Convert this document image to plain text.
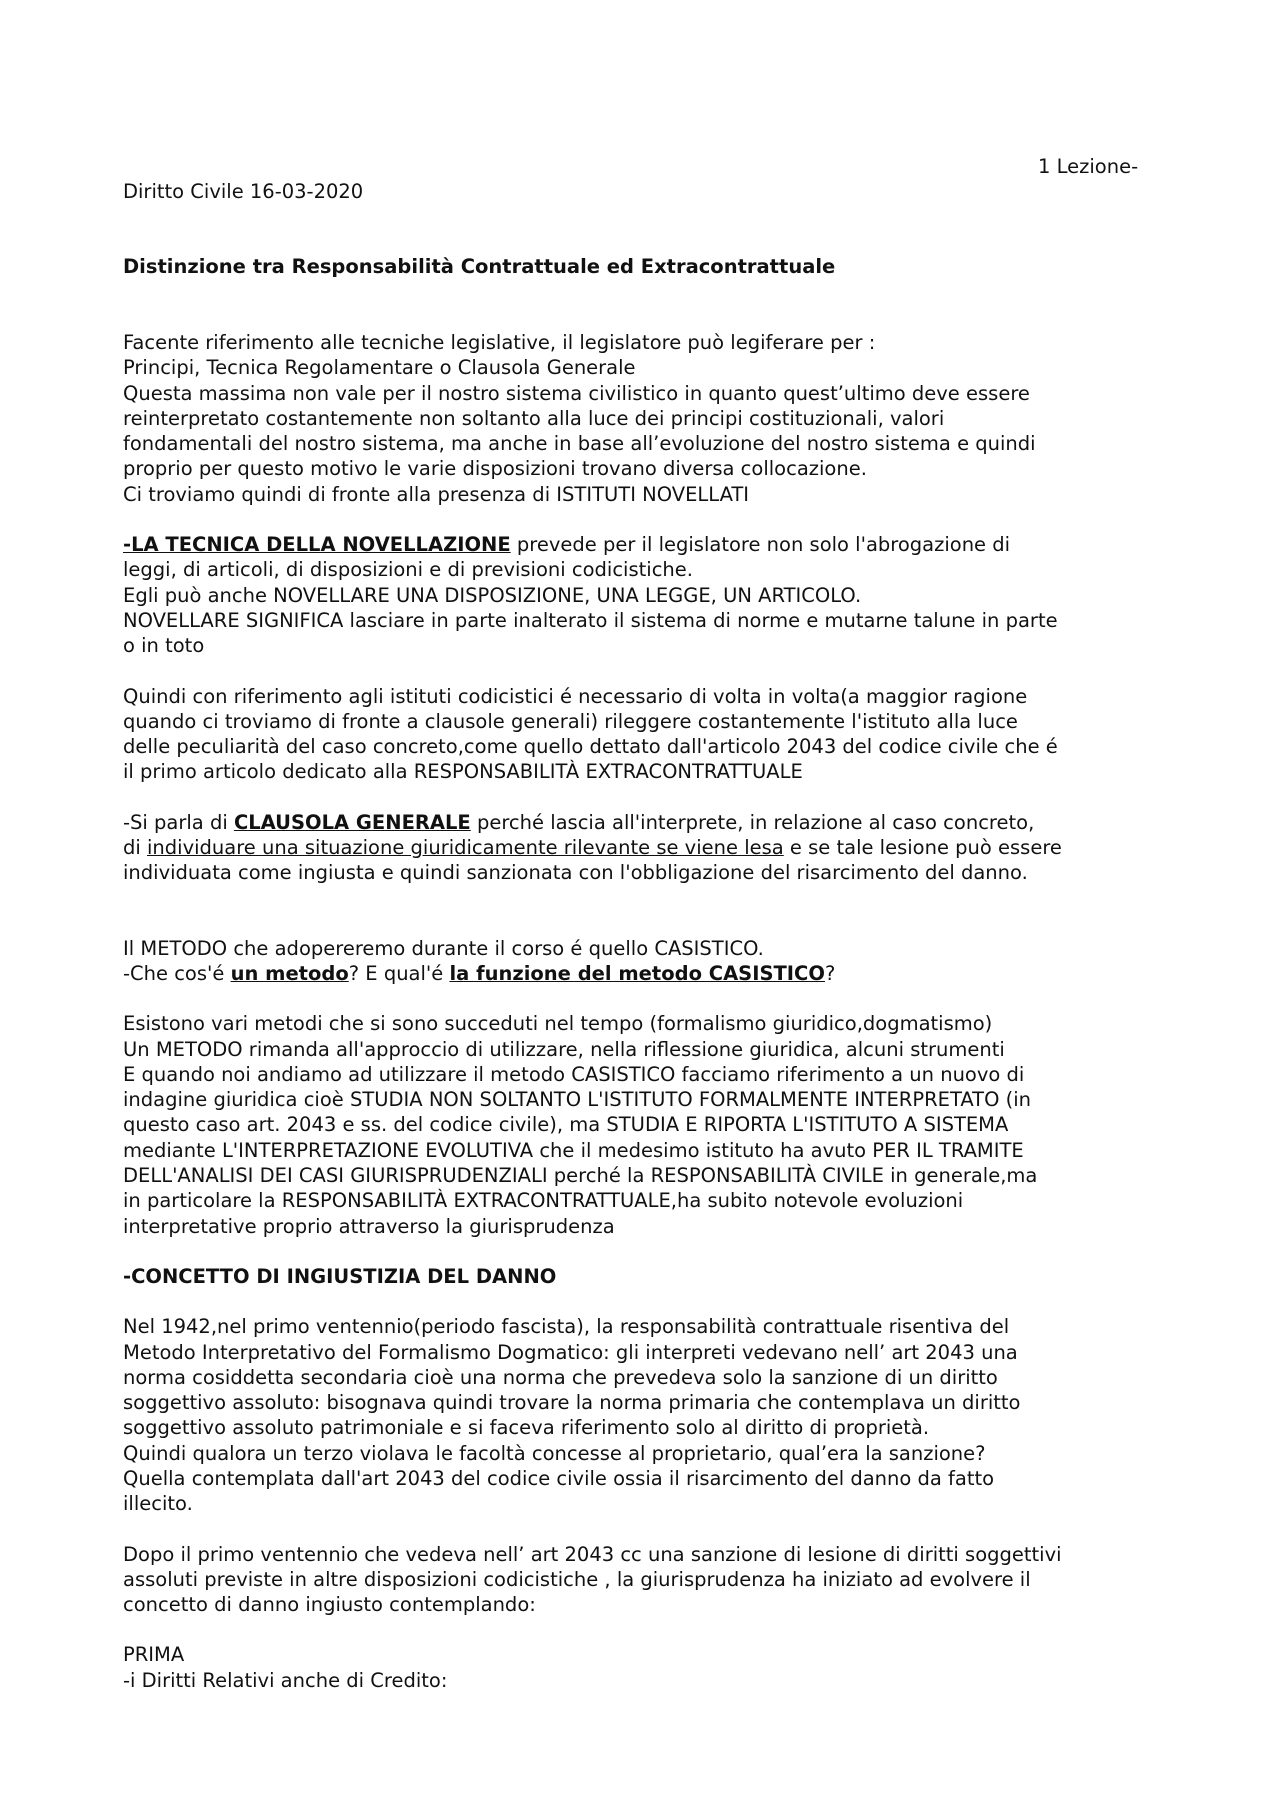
1 Lezione-
Diritto Civile 16-03-2020
Distinzione tra Responsabilità Contrattuale ed Extracontrattuale

Facente riferimento alle tecniche legislative, il legislatore può legiferare per :

Principi, Tecnica Regolamentare o Clausola Generale

Questa massima non vale per il nostro sistema civilistico in quanto quest’ultimo deve essere

reinterpretato costantemente non soltanto alla luce dei principi costituzionali, valori

fondamentali del nostro sistema, ma anche in base all’evoluzione del nostro sistema e quindi

proprio per questo motivo le varie disposizioni trovano diversa collocazione.

Ci troviamo quindi di fronte alla presenza di ISTITUTI NOVELLATI

-LA TECNICA DELLA NOVELLAZIONE prevede per il legislatore non solo l'abrogazione di

leggi, di articoli, di disposizioni e di previsioni codicistiche.

Egli può anche NOVELLARE UNA DISPOSIZIONE, UNA LEGGE, UN ARTICOLO.

NOVELLARE SIGNIFICA lasciare in parte inalterato il sistema di norme e mutarne talune in parte

o in toto

Quindi con riferimento agli istituti codicistici é necessario di volta in volta(a maggior ragione

quando ci troviamo di fronte a clausole generali) rileggere costantemente l'istituto alla luce

delle peculiarità del caso concreto,come quello dettato dall'articolo 2043 del codice civile che é

il primo articolo dedicato alla RESPONSABILITÀ EXTRACONTRATTUALE

-Si parla di CLAUSOLA GENERALE perché lascia all'interprete, in relazione al caso concreto,

di individuare una situazione giuridicamente rilevante se viene lesa e se tale lesione può essere

individuata come ingiusta e quindi sanzionata con l'obbligazione del risarcimento del danno.

Il METODO che adopereremo durante il corso é quello CASISTICO.

-Che cos'é un metodo? E qual'é la funzione del metodo CASISTICO?

Esistono vari metodi che si sono succeduti nel tempo (formalismo giuridico,dogmatismo)

Un METODO rimanda all'approccio di utilizzare, nella riflessione giuridica, alcuni strumenti

E quando noi andiamo ad utilizzare il metodo CASISTICO facciamo riferimento a un nuovo di

indagine giuridica cioè STUDIA NON SOLTANTO L'ISTITUTO FORMALMENTE INTERPRETATO (in

questo caso art. 2043 e ss. del codice civile), ma STUDIA E RIPORTA L'ISTITUTO A SISTEMA

mediante L'INTERPRETAZIONE EVOLUTIVA che il medesimo istituto ha avuto PER IL TRAMITE

DELL'ANALISI DEI CASI GIURISPRUDENZIALI perché la RESPONSABILITÀ CIVILE in generale,ma

in particolare la RESPONSABILITÀ EXTRACONTRATTUALE,ha subito notevole evoluzioni

interpretative proprio attraverso la giurisprudenza

-CONCETTO DI INGIUSTIZIA DEL DANNO

Nel 1942,nel primo ventennio(periodo fascista), la responsabilità contrattuale risentiva del

Metodo Interpretativo del Formalismo Dogmatico: gli interpreti vedevano nell’ art 2043 una

norma cosiddetta secondaria cioè una norma che prevedeva solo la sanzione di un diritto

soggettivo assoluto: bisognava quindi trovare la norma primaria che contemplava un diritto

soggettivo assoluto patrimoniale e si faceva riferimento solo al diritto di proprietà.

Quindi qualora un terzo violava le facoltà concesse al proprietario, qual’era la sanzione?

Quella contemplata dall'art 2043 del codice civile ossia il risarcimento del danno da fatto

illecito.

Dopo il primo ventennio che vedeva nell’ art 2043 cc una sanzione di lesione di diritti soggettivi

assoluti previste in altre disposizioni codicistiche , la giurisprudenza ha iniziato ad evolvere il

concetto di danno ingiusto contemplando:

PRIMA

-i Diritti Relativi anche di Credito:
